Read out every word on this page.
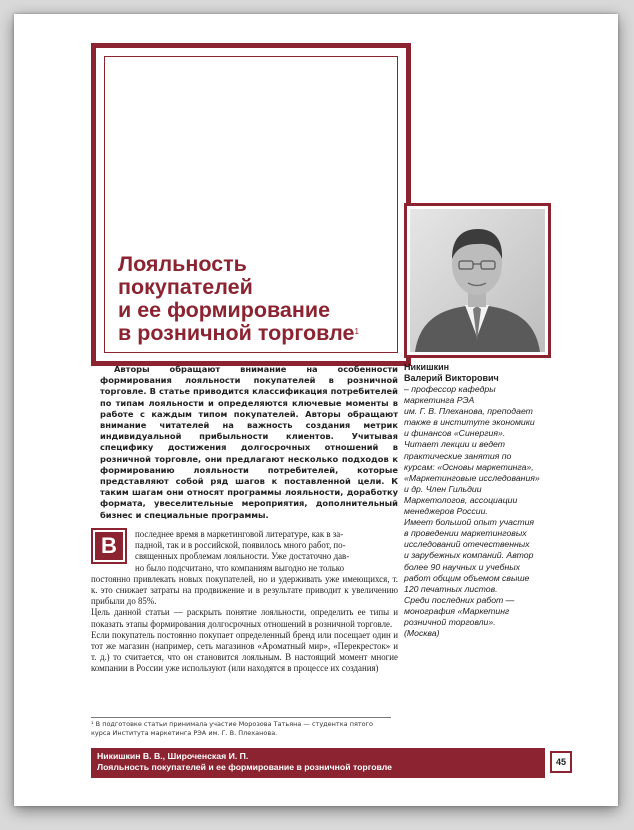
Лояльность
покупателей
и ее формирование
в розничной торговле$^1$

Авторы обращают внимание на особенности формирования лояльности покупателей в розничной торговле. В статье приводится классификация потребителей по типам лояльности и определяются ключевые моменты в работе с каждым типом покупателей. Авторы обращают внимание читателей на важность создания метрик индивидуальной прибыльности клиентов. Учитывая специфику достижения долгосрочных отношений в розничной торговле, они предлагают несколько подходов к формированию лояльности потребителей, которые представляют собой ряд шагов к поставленной цели. К таким шагам они относят программы лояльности, доработку формата, увеселительные мероприятия, дополнительный бизнес и специальные программы.

В	последнее время в маркетинговой литературе, как в за-

падной, так и в российской, появилось много работ, по-

священных проблемам лояльности. Уже достаточно дав-

но было подсчитано, что компаниям выгодно не только

постоянно привлекать новых покупателей, но и удерживать уже имеющихся, т. к. это снижает затраты на продвижение и в результате приводит к увеличению прибыли до 85%.

Цель данной статьи — раскрыть понятие лояльности, определить ее типы и показать этапы формирования долгосрочных отношений в розничной торговле.

Если покупатель постоянно покупает определенный бренд или посещает один и тот же магазин (например, сеть магазинов «Ароматный мир», «Перекресток» и т. д.) то считается, что он становится лояльным. В настоящий момент многие компании в России уже используют (или находятся в процессе их создания)

Никишкин
Валерий Викторович
– профессор кафедры
маркетинга РЭА
им. Г. В. Плеханова, преподает
также в институте экономики
и финансов «Синергия».
Читает лекции и ведет
практические занятия по
курсам: «Основы маркетинга»,
«Маркетинговые исследования»
и др. Член Гильдии
Маркетологов, ассоциации
менеджеров России.
Имеет большой опыт участия
в проведении маркетинговых
исследований отечественных
и зарубежных компаний. Автор
более 90 научных и учебных
работ общим объемом свыше
120 печатных листов.
Среди последних работ —
монография «Маркетинг
розничной торговли».
(Москва)
¹ В подготовке статьи принимала участие Морозова Татьяна — студентка пятого курса Института маркетинга РЭА им. Г. В. Плеханова.
Никишкин В. В., Широченская И. П.
Лояльность покупателей и ее формирование в розничной торговле	45
